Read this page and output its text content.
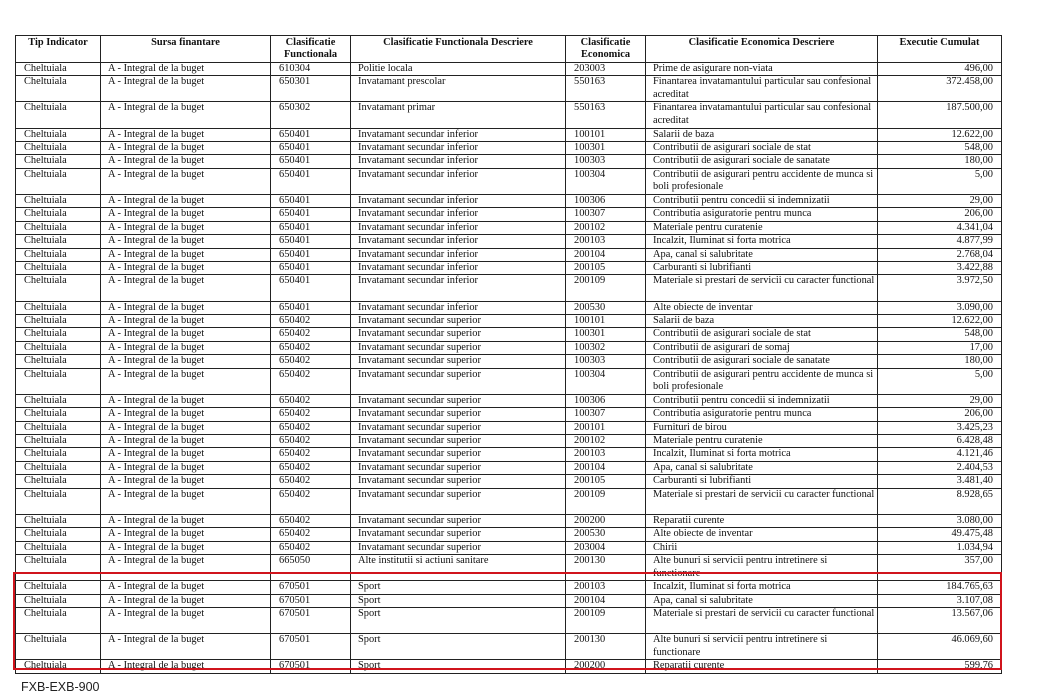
Tip Indicator	Sursa finantare	Clasificatie Functionala	Clasificatie Functionala Descriere	Clasificatie Economica	Clasificatie Economica Descriere	Executie Cumulat
Cheltuiala	A - Integral de la buget	610304	Politie locala	203003	Prime de asigurare non-viata	496,00
Cheltuiala	A - Integral de la buget	650301	Invatamant prescolar	550163	Finantarea invatamantului particular sau confesional acreditat	372.458,00
Cheltuiala	A - Integral de la buget	650302	Invatamant primar	550163	Finantarea invatamantului particular sau confesional acreditat	187.500,00
Cheltuiala	A - Integral de la buget	650401	Invatamant secundar inferior	100101	Salarii de baza	12.622,00
Cheltuiala	A - Integral de la buget	650401	Invatamant secundar inferior	100301	Contributii de asigurari sociale de stat	548,00
Cheltuiala	A - Integral de la buget	650401	Invatamant secundar inferior	100303	Contributii de asigurari sociale de sanatate	180,00
Cheltuiala	A - Integral de la buget	650401	Invatamant secundar inferior	100304	Contributii de asigurari pentru accidente de munca si boli profesionale	5,00
Cheltuiala	A - Integral de la buget	650401	Invatamant secundar inferior	100306	Contributii pentru concedii si indemnizatii	29,00
Cheltuiala	A - Integral de la buget	650401	Invatamant secundar inferior	100307	Contributia asiguratorie pentru munca	206,00
Cheltuiala	A - Integral de la buget	650401	Invatamant secundar inferior	200102	Materiale pentru curatenie	4.341,04
Cheltuiala	A - Integral de la buget	650401	Invatamant secundar inferior	200103	Incalzit, Iluminat si forta motrica	4.877,99
Cheltuiala	A - Integral de la buget	650401	Invatamant secundar inferior	200104	Apa, canal si salubritate	2.768,04
Cheltuiala	A - Integral de la buget	650401	Invatamant secundar inferior	200105	Carburanti si lubrifianti	3.422,88
Cheltuiala	A - Integral de la buget	650401	Invatamant secundar inferior	200109	Materiale si prestari de servicii cu caracter functional	3.972,50
Cheltuiala	A - Integral de la buget	650401	Invatamant secundar inferior	200530	Alte obiecte de inventar	3.090,00
Cheltuiala	A - Integral de la buget	650402	Invatamant secundar superior	100101	Salarii de baza	12.622,00
Cheltuiala	A - Integral de la buget	650402	Invatamant secundar superior	100301	Contributii de asigurari sociale de stat	548,00
Cheltuiala	A - Integral de la buget	650402	Invatamant secundar superior	100302	Contributii de asigurari de somaj	17,00
Cheltuiala	A - Integral de la buget	650402	Invatamant secundar superior	100303	Contributii de asigurari sociale de sanatate	180,00
Cheltuiala	A - Integral de la buget	650402	Invatamant secundar superior	100304	Contributii de asigurari pentru accidente de munca si boli profesionale	5,00
Cheltuiala	A - Integral de la buget	650402	Invatamant secundar superior	100306	Contributii pentru concedii si indemnizatii	29,00
Cheltuiala	A - Integral de la buget	650402	Invatamant secundar superior	100307	Contributia asiguratorie pentru munca	206,00
Cheltuiala	A - Integral de la buget	650402	Invatamant secundar superior	200101	Furnituri de birou	3.425,23
Cheltuiala	A - Integral de la buget	650402	Invatamant secundar superior	200102	Materiale pentru curatenie	6.428,48
Cheltuiala	A - Integral de la buget	650402	Invatamant secundar superior	200103	Incalzit, Iluminat si forta motrica	4.121,46
Cheltuiala	A - Integral de la buget	650402	Invatamant secundar superior	200104	Apa, canal si salubritate	2.404,53
Cheltuiala	A - Integral de la buget	650402	Invatamant secundar superior	200105	Carburanti si lubrifianti	3.481,40
Cheltuiala	A - Integral de la buget	650402	Invatamant secundar superior	200109	Materiale si prestari de servicii cu caracter functional	8.928,65
Cheltuiala	A - Integral de la buget	650402	Invatamant secundar superior	200200	Reparatii curente	3.080,00
Cheltuiala	A - Integral de la buget	650402	Invatamant secundar superior	200530	Alte obiecte de inventar	49.475,48
Cheltuiala	A - Integral de la buget	650402	Invatamant secundar superior	203004	Chirii	1.034,94
Cheltuiala	A - Integral de la buget	665050	Alte institutii si actiuni sanitare	200130	Alte bunuri si servicii pentru intretinere si functionare	357,00
Cheltuiala	A - Integral de la buget	670501	Sport	200103	Incalzit, Iluminat si forta motrica	184.765,63
Cheltuiala	A - Integral de la buget	670501	Sport	200104	Apa, canal si salubritate	3.107,08
Cheltuiala	A - Integral de la buget	670501	Sport	200109	Materiale si prestari de servicii cu caracter functional	13.567,06
Cheltuiala	A - Integral de la buget	670501	Sport	200130	Alte bunuri si servicii pentru intretinere si functionare	46.069,60
Cheltuiala	A - Integral de la buget	670501	Sport	200200	Reparatii curente	599,76
FXB-EXB-900
